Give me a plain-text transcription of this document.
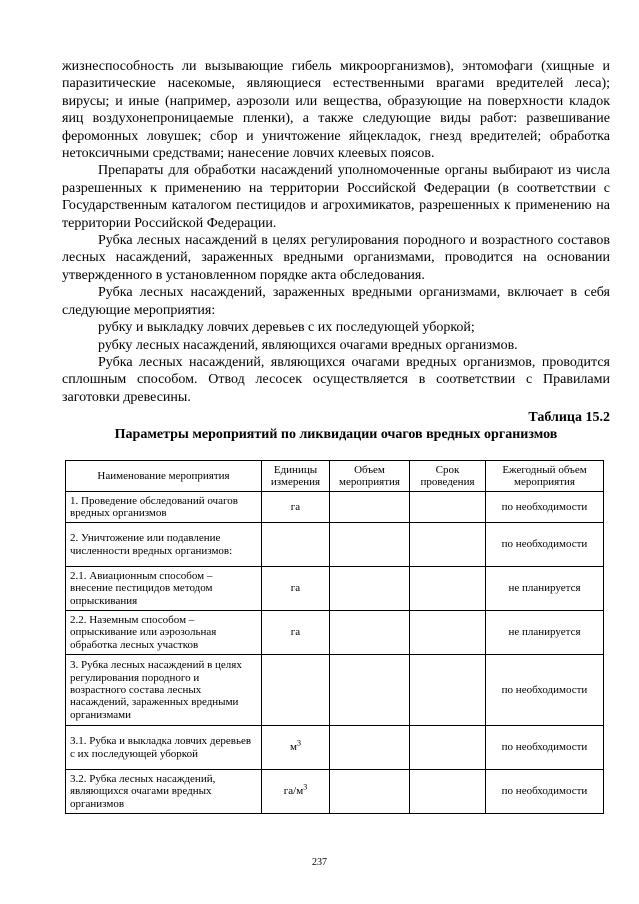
жизнеспособность ли вызывающие гибель микроорганизмов), энтомофаги (хищные и паразитические насекомые, являющиеся естественными врагами вредителей леса); вирусы; и иные (например, аэрозоли или вещества, образующие на поверхности кладок яиц воздухонепроницаемые пленки), а также следующие виды работ: развешивание феромонных ловушек; сбор и уничтожение яйцекладок, гнезд вредителей; обработка нетоксичными средствами; нанесение ловчих клеевых поясов.

Препараты для обработки насаждений уполномоченные органы выбирают из числа разрешенных к применению на территории Российской Федерации (в соответствии с Государственным каталогом пестицидов и агрохимикатов, разрешенных к применению на территории Российской Федерации.

Рубка лесных насаждений в целях регулирования породного и возрастного составов лесных насаждений, зараженных вредными организмами, проводится на основании утвержденного в установленном порядке акта обследования.

Рубка лесных насаждений, зараженных вредными организмами, включает в себя следующие мероприятия:

рубку и выкладку ловчих деревьев с их последующей уборкой;

рубку лесных насаждений, являющихся очагами вредных организмов.

Рубка лесных насаждений, являющихся очагами вредных организмов, проводится сплошным способом. Отвод лесосек осуществляется в соответствии с Правилами заготовки древесины.

Таблица 15.2
Параметры мероприятий по ликвидации очагов вредных организмов
Наименование мероприятия	Единицы измерения	Объем мероприятия	Срок проведения	Ежегодный объем мероприятия
1. Проведение обследований очагов вредных организмов	га			по необходимости
2. Уничтожение или подавление численности вредных организмов:				по необходимости
2.1. Авиационным способом – внесение пестицидов методом опрыскивания	га			не планируется
2.2. Наземным способом – опрыскивание или аэрозольная обработка лесных участков	га			не планируется
3. Рубка лесных насаждений в целях регулирования породного и возрастного состава лесных насаждений, зараженных вредными организмами				по необходимости
3.1. Рубка и выкладка ловчих деревьев с их последующей уборкой	$м^3$			по необходимости
3.2. Рубка лесных насаждений, являющихся очагами вредных организмов	$га/м^3$			по необходимости
237
